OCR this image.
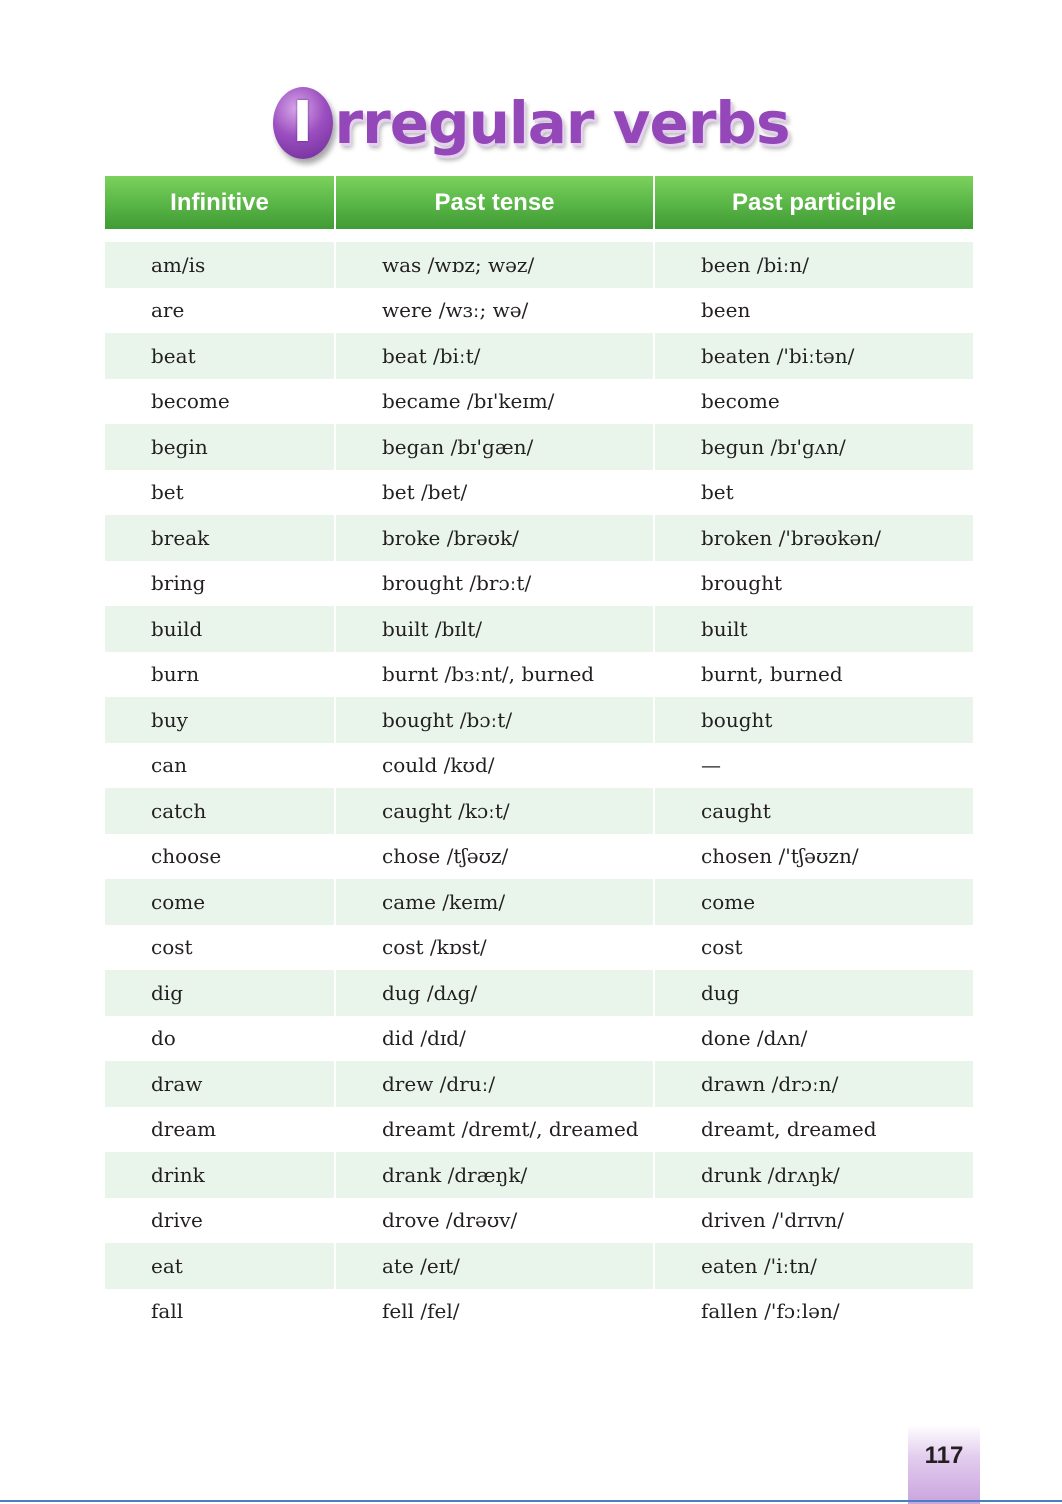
I rregular verbs
Infinitive	Past tense	Past participle
am/is	was /wɒz; wəz/	been /biːn/
are	were /wɜː; wə/	been
beat	beat /biːt/	beaten /'biːtən/
become	became /bɪ'keɪm/	become
begin	began /bɪ'gæn/	begun /bɪ'gʌn/
bet	bet /bet/	bet
break	broke /brəʊk/	broken /'brəʊkən/
bring	brought /brɔːt/	brought
build	built /bɪlt/	built
burn	burnt /bɜːnt/, burned	burnt, burned
buy	bought /bɔːt/	bought
can	could /kʊd/	—
catch	caught /kɔːt/	caught
choose	chose /tʃəʊz/	chosen /'tʃəʊzn/
come	came /keɪm/	come
cost	cost /kɒst/	cost
dig	dug /dʌg/	dug
do	did /dɪd/	done /dʌn/
draw	drew /druː/	drawn /drɔːn/
dream	dreamt /dremt/, dreamed	dreamt, dreamed
drink	drank /dræŋk/	drunk /drʌŋk/
drive	drove /drəʊv/	driven /'drɪvn/
eat	ate /eɪt/	eaten /'iːtn/
fall	fell /fel/	fallen /'fɔːlən/
117
